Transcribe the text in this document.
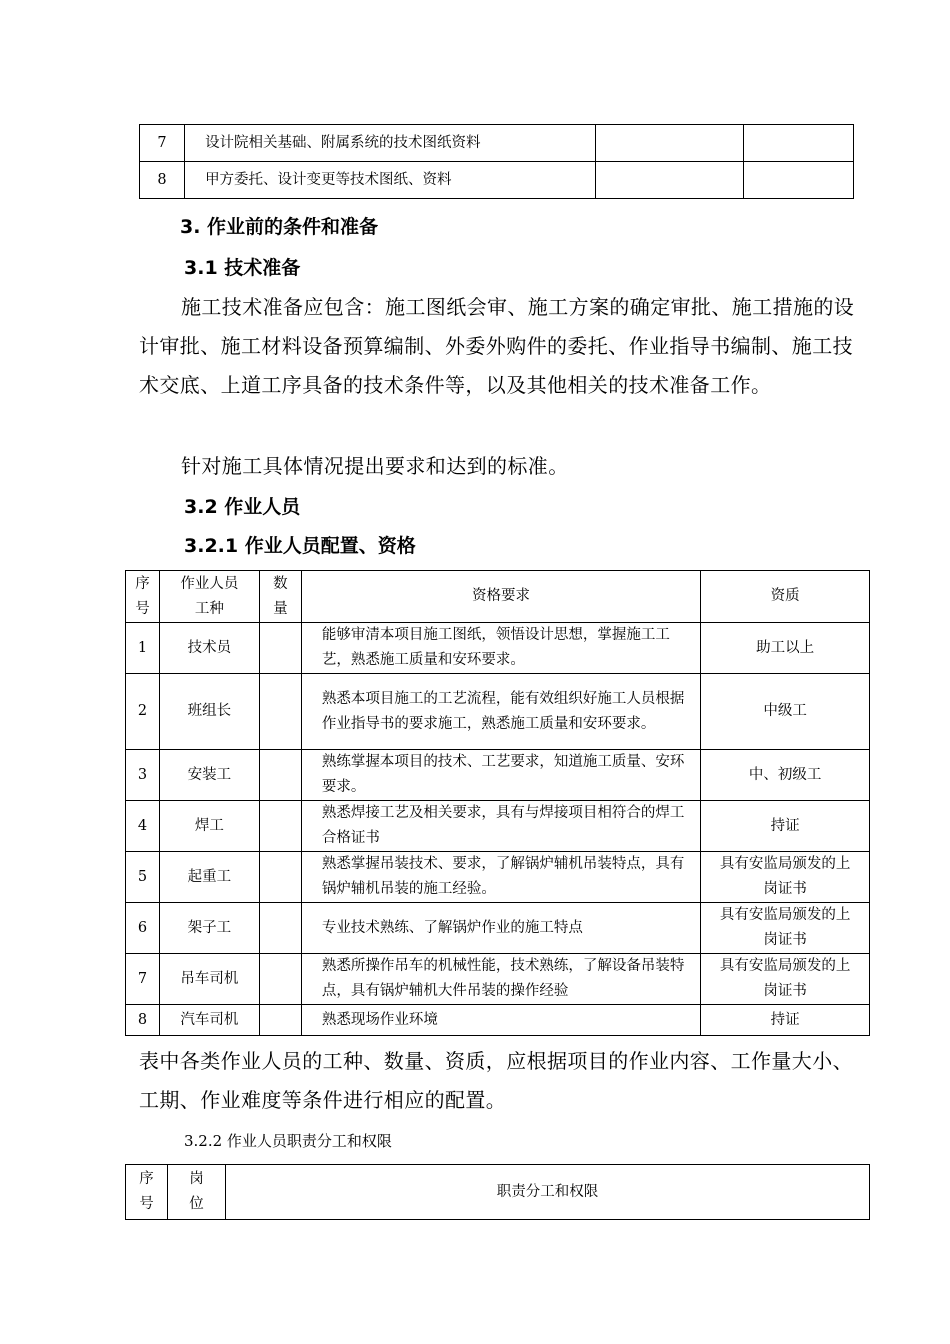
7	设计院相关基础、附属系统的技术图纸资料		
8	甲方委托、设计变更等技术图纸、资料		
3. 作业前的条件和准备
3.1 技术准备
施工技术准备应包含：施工图纸会审、施工方案的确定审批、施工措施的设计审批、施工材料设备预算编制、外委外购件的委托、作业指导书编制、施工技术交底、上道工序具备的技术条件等，以及其他相关的技术准备工作。
针对施工具体情况提出要求和达到的标准。
3.2 作业人员
3.2.1 作业人员配置、资格
序号	作业人员工种	数量	资格要求	资质
1	技术员		能够审清本项目施工图纸，领悟设计思想，掌握施工工艺，熟悉施工质量和安环要求。	助工以上
2	班组长		熟悉本项目施工的工艺流程，能有效组织好施工人员根据作业指导书的要求施工，熟悉施工质量和安环要求。	中级工
3	安装工		熟练掌握本项目的技术、工艺要求，知道施工质量、安环要求。	中、初级工
4	焊工		熟悉焊接工艺及相关要求，具有与焊接项目相符合的焊工合格证书	持证
5	起重工		熟悉掌握吊装技术、要求，了解锅炉辅机吊装特点，具有锅炉辅机吊装的施工经验。	具有安监局颁发的上岗证书
6	架子工		专业技术熟练、了解锅炉作业的施工特点	具有安监局颁发的上岗证书
7	吊车司机		熟悉所操作吊车的机械性能，技术熟练，了解设备吊装特点，具有锅炉辅机大件吊装的操作经验	具有安监局颁发的上岗证书
8	汽车司机		熟悉现场作业环境	持证
表中各类作业人员的工种、数量、资质，应根据项目的作业内容、工作量大小、工期、作业难度等条件进行相应的配置。
3.2.2 作业人员职责分工和权限
序号	岗位	职责分工和权限
